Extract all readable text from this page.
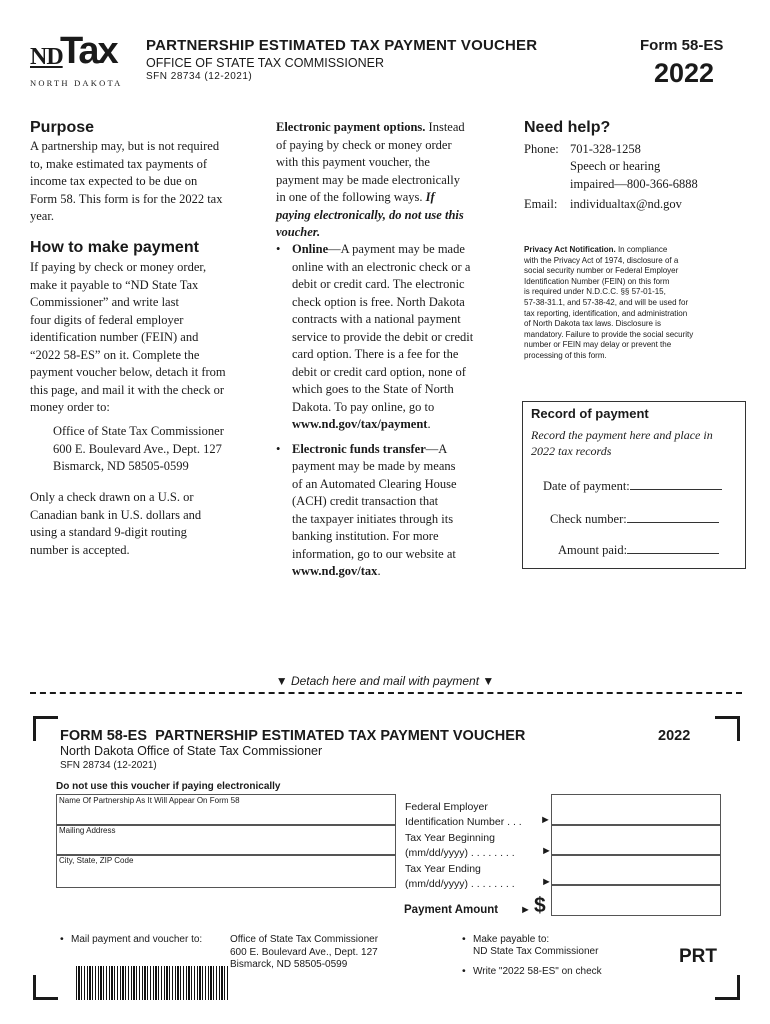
ND
Tax
NORTH DAKOTA
PARTNERSHIP ESTIMATED TAX PAYMENT VOUCHER
OFFICE OF STATE TAX COMMISSIONER
SFN 28734 (12-2021)
Form 58-ES
2022
Purpose
A partnership may, but is not required
to, make estimated tax payments of
income tax expected to be due on
Form 58. This form is for the 2022 tax
year.
How to make payment
If paying by check or money order,
make it payable to “ND State Tax
Commissioner” and write last
four digits of federal employer
identification number (FEIN) and
“2022 58-ES” on it. Complete the
payment voucher below, detach it from
this page, and mail it with the check or
money order to:
Office of State Tax Commissioner
600 E. Boulevard Ave., Dept. 127
Bismarck, ND 58505-0599
Only a check drawn on a U.S. or
Canadian bank in U.S. dollars and
using a standard 9-digit routing
number is accepted.
Electronic payment options. Instead
of paying by check or money order
with this payment voucher, the
payment may be made electronically
in one of the following ways. If
paying electronically, do not use this
voucher.
• Online—A payment may be made
online with an electronic check or a
debit or credit card. The electronic
check option is free. North Dakota
contracts with a national payment
service to provide the debit or credit
card option. There is a fee for the
debit or credit card option, none of
which goes to the State of North
Dakota. To pay online, go to
www.nd.gov/tax/payment.
• Electronic funds transfer—A
payment may be made by means
of an Automated Clearing House
(ACH) credit transaction that
the taxpayer initiates through its
banking institution. For more
information, go to our website at
www.nd.gov/tax.
Need help?
Phone: 701-328-1258
Speech or hearing
impaired—800-366-6888
Email: individualtax@nd.gov
Privacy Act Notification. In compliance
with the Privacy Act of 1974, disclosure of a
social security number or Federal Employer
Identification Number (FEIN) on this form
is required under N.D.C.C. §§ 57-01-15,
57-38-31.1, and 57-38-42, and will be used for
tax reporting, identification, and administration
of North Dakota tax laws. Disclosure is
mandatory. Failure to provide the social security
number or FEIN may delay or prevent the
processing of this form.
Record of payment
Record the payment here and place in
2022 tax records
Date of payment:
Check number:
Amount paid:
▼ Detach here and mail with payment ▼
FORM 58-ES  PARTNERSHIP ESTIMATED TAX PAYMENT VOUCHER	2022
North Dakota Office of State Tax Commissioner
SFN 28734 (12-2021)
Do not use this voucher if paying electronically
Name Of Partnership As It Will Appear On Form 58
Mailing Address
City, State, ZIP Code
Federal Employer
Identification Number . . .	►
Tax Year Beginning
(mm/dd/yyyy) . . . . . . . .	►
Tax Year Ending
(mm/dd/yyyy) . . . . . . . .	►
Payment Amount ► $
• Mail payment and voucher to:	Office of State Tax Commissioner
600 E. Boulevard Ave., Dept. 127
Bismarck, ND 58505-0599
• Make payable to:
ND State Tax Commissioner
• Write "2022 58-ES" on check
PRT
